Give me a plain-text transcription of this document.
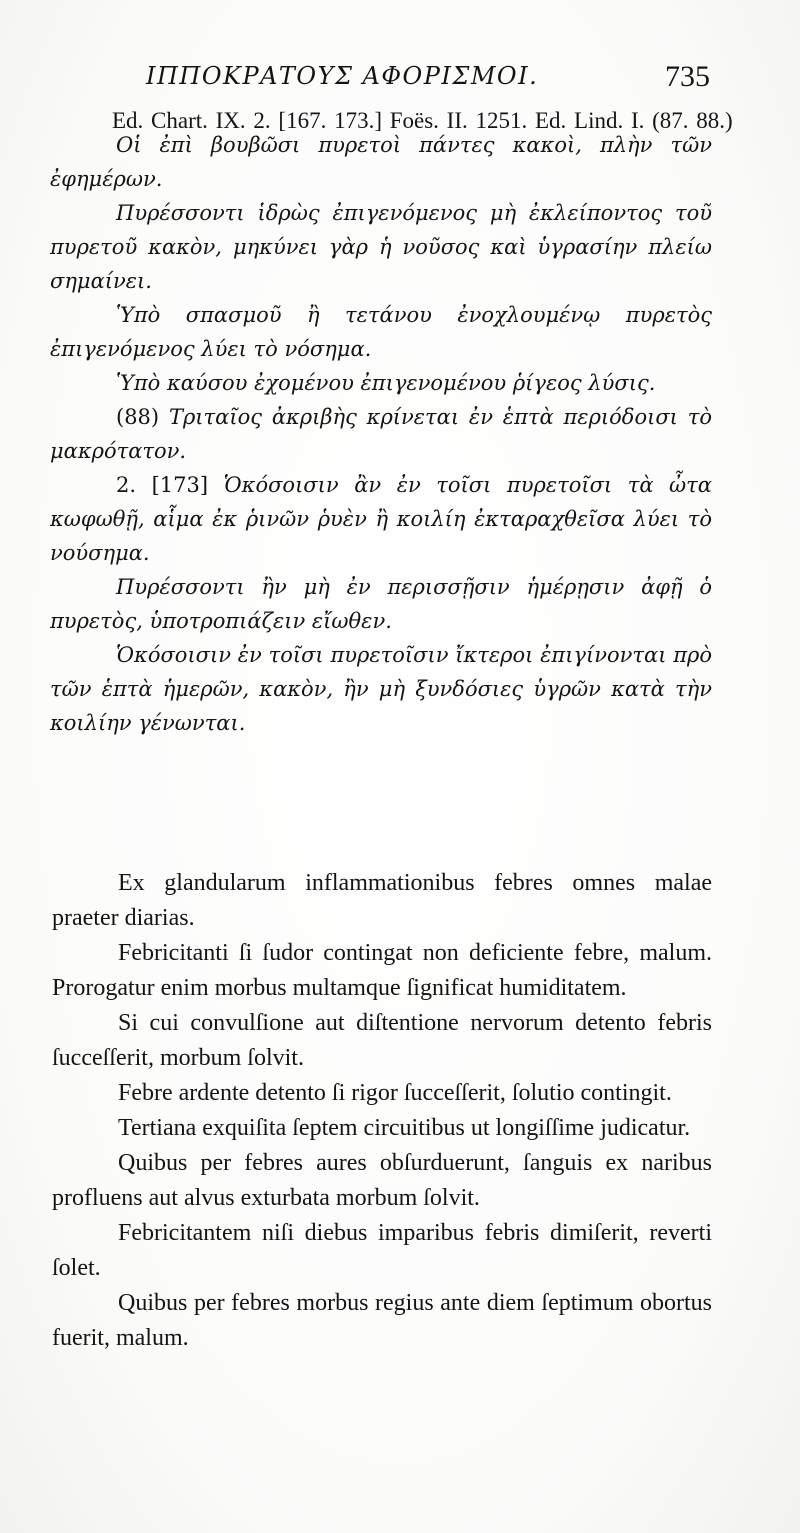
ΙΠΠΟΚΡΑΤΟΥΣ ΑΦΟΡΙΣΜΟΙ.	735
Ed. Chart. IX. 2. [167. 173.] Foës. II. 1251. Ed. Lind. I. (87. 88.)

Οἱ ἐπὶ βουβῶσι πυρετοὶ πάντες κακοὶ, πλὴν τῶν ἐφημέρων.

Πυρέσσοντι ἱδρὼς ἐπιγενόμενος μὴ ἐκλείποντος τοῦ πυρετοῦ κακὸν, μηκύνει γὰρ ἡ νοῦσος καὶ ὑγρασίην πλείω σημαίνει.

Ὑπὸ σπασμοῦ ἢ τετάνου ἐνοχλουμένῳ πυρετὸς ἐπιγενόμενος λύει τὸ νόσημα.

Ὑπὸ καύσου ἐχομένου ἐπιγενομένου ῥίγεος λύσις.

(88) Τριταῖος ἀκριβὴς κρίνεται ἐν ἑπτὰ περιόδοισι τὸ μακρότατον.

2. [173] Ὁκόσοισιν ἂν ἐν τοῖσι πυρετοῖσι τὰ ὦτα κωφωθῇ, αἷμα ἐκ ῥινῶν ῥυὲν ἢ κοιλίη ἐκταραχθεῖσα λύει τὸ νούσημα.

Πυρέσσοντι ἢν μὴ ἐν περισσῇσιν ἡμέρῃσιν ἀφῇ ὁ πυρετὸς, ὑποτροπιάζειν εἴωθεν.

Ὁκόσοισιν ἐν τοῖσι πυρετοῖσιν ἴκτεροι ἐπιγίνονται πρὸ τῶν ἑπτὰ ἡμερῶν, κακὸν, ἢν μὴ ξυνδόσιες ὑγρῶν κατὰ τὴν κοιλίην γένωνται.

Ex glandularum inflammationibus febres omnes malae praeter diarias.

Febricitanti ſi ſudor contingat non deficiente febre, malum. Prorogatur enim morbus multamque ſignificat humiditatem.

Si cui convulſione aut diſtentione nervorum detento febris ſucceſſerit, morbum ſolvit.

Febre ardente detento ſi rigor ſucceſſerit, ſolutio contingit.

Tertiana exquiſita ſeptem circuitibus ut longiſſime judicatur.

Quibus per febres aures obſurduerunt, ſanguis ex naribus profluens aut alvus exturbata morbum ſolvit.

Febricitantem niſi diebus imparibus febris dimiſerit, reverti ſolet.

Quibus per febres morbus regius ante diem ſeptimum obortus fuerit, malum.
